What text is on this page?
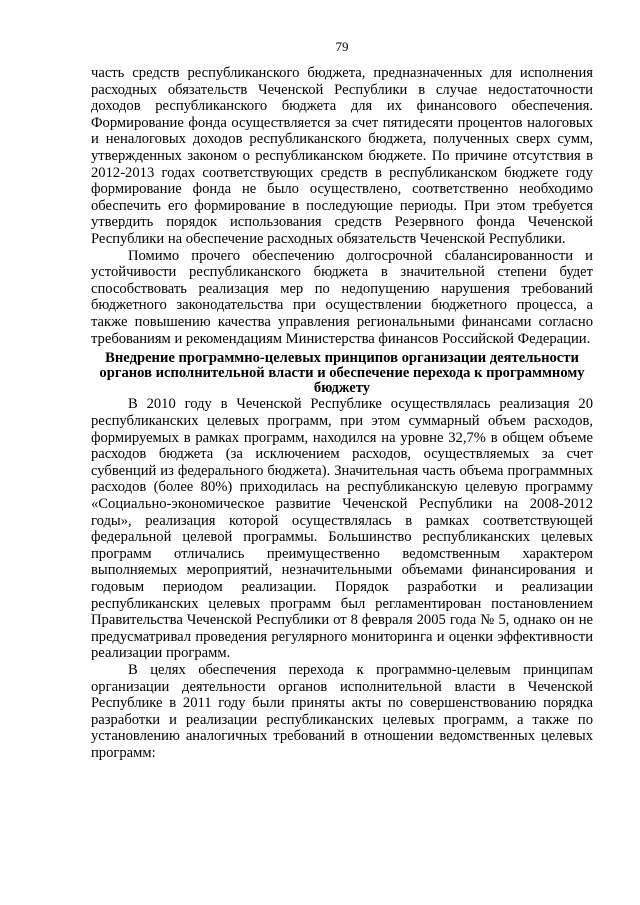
79

часть средств республиканского бюджета, предназначенных для исполнения расходных обязательств Чеченской Республики в случае недостаточности доходов республиканского бюджета для их финансового обеспечения. Формирование фонда осуществляется за счет пятидесяти процентов налоговых и неналоговых доходов республиканского бюджета, полученных сверх сумм, утвержденных законом о республиканском бюджете. По причине отсутствия в 2012-2013 годах соответствующих средств в республиканском бюджете году формирование фонда не было осуществлено, соответственно необходимо обеспечить его формирование в последующие периоды. При этом требуется утвердить порядок использования средств Резервного фонда Чеченской Республики на обеспечение расходных обязательств Чеченской Республики.

Помимо прочего обеспечению долгосрочной сбалансированности и устойчивости республиканского бюджета в значительной степени будет способствовать реализация мер по недопущению нарушения требований бюджетного законодательства при осуществлении бюджетного процесса, а также повышению качества управления региональными финансами согласно требованиям и рекомендациям Министерства финансов Российской Федерации.

Внедрение программно-целевых принципов организации деятельности органов исполнительной власти и обеспечение перехода к программному бюджету

В 2010 году в Чеченской Республике осуществлялась реализация 20 республиканских целевых программ, при этом суммарный объем расходов, формируемых в рамках программ, находился на уровне 32,7% в общем объеме расходов бюджета (за исключением расходов, осуществляемых за счет субвенций из федерального бюджета). Значительная часть объема программных расходов (более 80%) приходилась на республиканскую целевую программу «Социально-экономическое развитие Чеченской Республики на 2008-2012 годы», реализация которой осуществлялась в рамках соответствующей федеральной целевой программы. Большинство республиканских целевых программ отличались преимущественно ведомственным характером выполняемых мероприятий, незначительными объемами финансирования и годовым периодом реализации. Порядок разработки и реализации республиканских целевых программ был регламентирован постановлением Правительства Чеченской Республики от 8 февраля 2005 года № 5, однако он не предусматривал проведения регулярного мониторинга и оценки эффективности реализации программ.

В целях обеспечения перехода к программно-целевым принципам организации деятельности органов исполнительной власти в Чеченской Республике в 2011 году были приняты акты по совершенствованию порядка разработки и реализации республиканских целевых программ, а также по установлению аналогичных требований в отношении ведомственных целевых программ:
